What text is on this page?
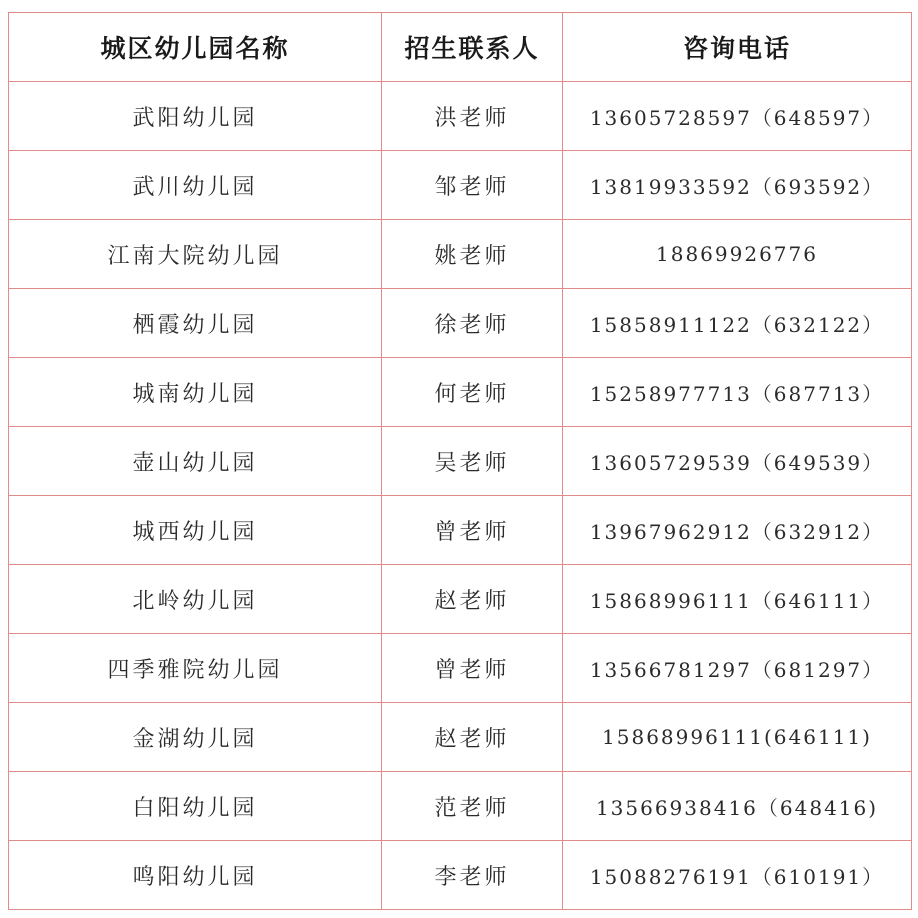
城区幼儿园名称	招生联系人	咨询电话
武阳幼儿园	洪老师	13605728597（648597）
武川幼儿园	邹老师	13819933592（693592）
江南大院幼儿园	姚老师	18869926776
栖霞幼儿园	徐老师	15858911122（632122）
城南幼儿园	何老师	15258977713（687713）
壶山幼儿园	吴老师	13605729539（649539）
城西幼儿园	曾老师	13967962912（632912）
北岭幼儿园	赵老师	15868996111（646111）
四季雅院幼儿园	曾老师	13566781297（681297）
金湖幼儿园	赵老师	15868996111(646111)
白阳幼儿园	范老师	13566938416（648416)
鸣阳幼儿园	李老师	15088276191（610191）
